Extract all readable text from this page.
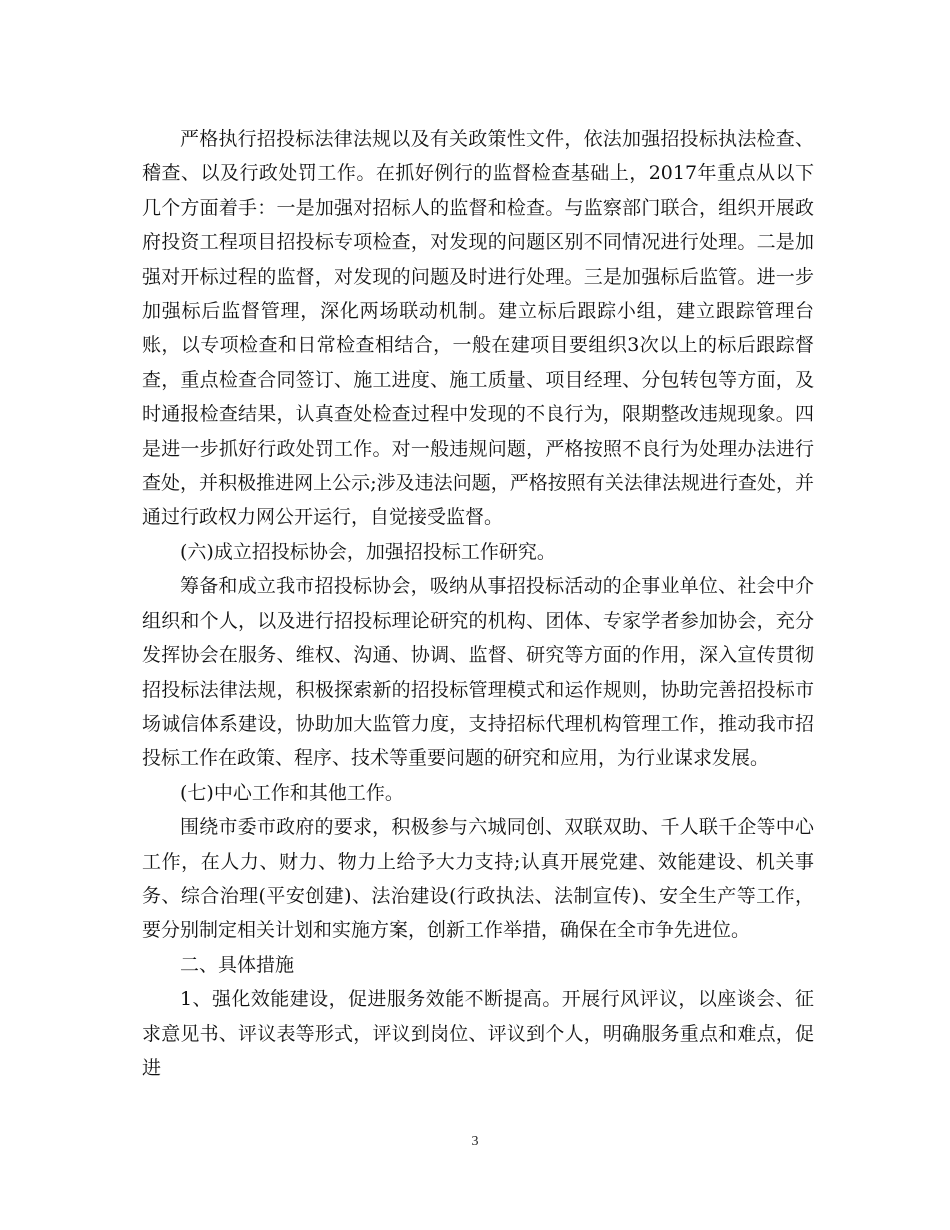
严格执行招投标法律法规以及有关政策性文件，依法加强招投标执法检查、稽查、以及行政处罚工作。在抓好例行的监督检查基础上，2017年重点从以下几个方面着手：一是加强对招标人的监督和检查。与监察部门联合，组织开展政府投资工程项目招投标专项检查，对发现的问题区别不同情况进行处理。二是加强对开标过程的监督，对发现的问题及时进行处理。三是加强标后监管。进一步加强标后监督管理，深化两场联动机制。建立标后跟踪小组，建立跟踪管理台账，以专项检查和日常检查相结合，一般在建项目要组织3次以上的标后跟踪督查，重点检查合同签订、施工进度、施工质量、项目经理、分包转包等方面，及时通报检查结果，认真查处检查过程中发现的不良行为，限期整改违规现象。四是进一步抓好行政处罚工作。对一般违规问题，严格按照不良行为处理办法进行查处，并积极推进网上公示;涉及违法问题，严格按照有关法律法规进行查处，并通过行政权力网公开运行，自觉接受监督。

(六)成立招投标协会，加强招投标工作研究。

筹备和成立我市招投标协会，吸纳从事招投标活动的企事业单位、社会中介组织和个人，以及进行招投标理论研究的机构、团体、专家学者参加协会，充分发挥协会在服务、维权、沟通、协调、监督、研究等方面的作用，深入宣传贯彻招投标法律法规，积极探索新的招投标管理模式和运作规则，协助完善招投标市场诚信体系建设，协助加大监管力度，支持招标代理机构管理工作，推动我市招投标工作在政策、程序、技术等重要问题的研究和应用，为行业谋求发展。

(七)中心工作和其他工作。

围绕市委市政府的要求，积极参与六城同创、双联双助、千人联千企等中心工作，在人力、财力、物力上给予大力支持;认真开展党建、效能建设、机关事务、综合治理(平安创建)、法治建设(行政执法、法制宣传)、安全生产等工作，要分别制定相关计划和实施方案，创新工作举措，确保在全市争先进位。

二、具体措施

1、强化效能建设，促进服务效能不断提高。开展行风评议，以座谈会、征求意见书、评议表等形式，评议到岗位、评议到个人，明确服务重点和难点，促进

3
